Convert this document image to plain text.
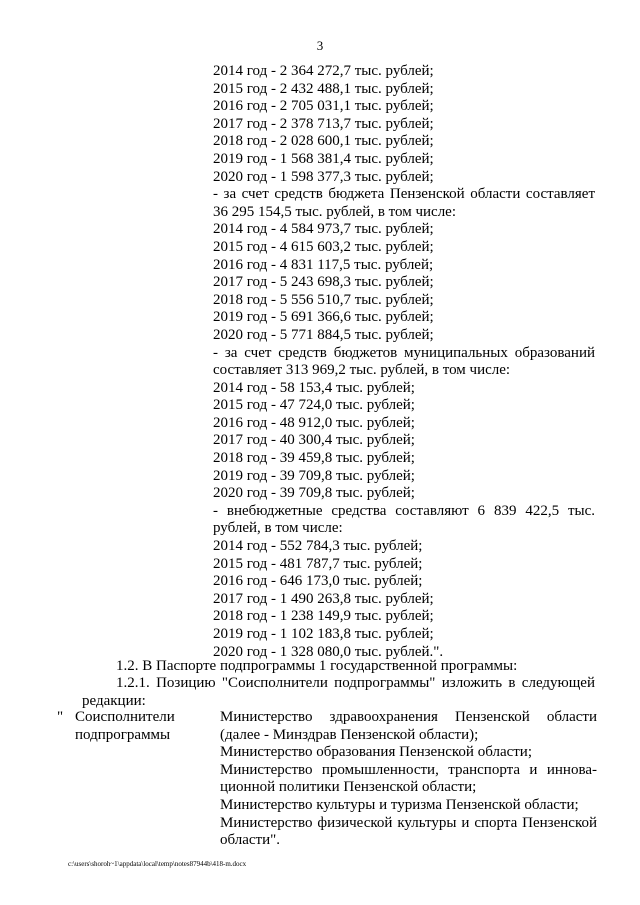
3
2014 год - 2 364 272,7 тыс. рублей;
2015 год - 2 432 488,1 тыс. рублей;
2016 год - 2 705 031,1 тыс. рублей;
2017 год - 2 378 713,7 тыс. рублей;
2018 год - 2 028 600,1 тыс. рублей;
2019 год - 1 568 381,4 тыс. рублей;
2020 год - 1 598 377,3 тыс. рублей;
- за счет средств бюджета Пензенской области составляет
36 295 154,5 тыс. рублей, в том числе:
2014 год - 4 584 973,7 тыс. рублей;
2015 год - 4 615 603,2 тыс. рублей;
2016 год - 4 831 117,5 тыс. рублей;
2017 год - 5 243 698,3 тыс. рублей;
2018 год - 5 556 510,7 тыс. рублей;
2019 год - 5 691 366,6 тыс. рублей;
2020 год - 5 771 884,5 тыс. рублей;
- за счет средств бюджетов муниципальных образований
составляет 313 969,2 тыс. рублей, в том числе:
2014 год - 58 153,4 тыс. рублей;
2015 год - 47 724,0 тыс. рублей;
2016 год - 48 912,0 тыс. рублей;
2017 год - 40 300,4 тыс. рублей;
2018 год - 39 459,8 тыс. рублей;
2019 год - 39 709,8 тыс. рублей;
2020 год - 39 709,8 тыс. рублей;
- внебюджетные средства составляют 6 839 422,5 тыс.
рублей, в том числе:
2014 год - 552 784,3 тыс. рублей;
2015 год - 481 787,7 тыс. рублей;
2016 год - 646 173,0 тыс. рублей;
2017 год - 1 490 263,8 тыс. рублей;
2018 год - 1 238 149,9 тыс. рублей;
2019 год - 1 102 183,8 тыс. рублей;
2020 год - 1 328 080,0 тыс. рублей.".
1.2. В Паспорте подпрограммы 1 государственной программы:
1.2.1. Позицию "Соисполнители подпрограммы" изложить в следующей
редакции:
" Соисполнители
подпрограммы
Министерство здравоохранения Пензенской области
(далее - Минздрав Пензенской области);
Министерство образования Пензенской области;
Министерство промышленности, транспорта и иннова-
ционной политики Пензенской области;
Министерство культуры и туризма Пензенской области;
Министерство физической культуры и спорта Пензенской
области".
c:\users\shoroh~1\appdata\local\temp\notes87944b\418-m.docx
